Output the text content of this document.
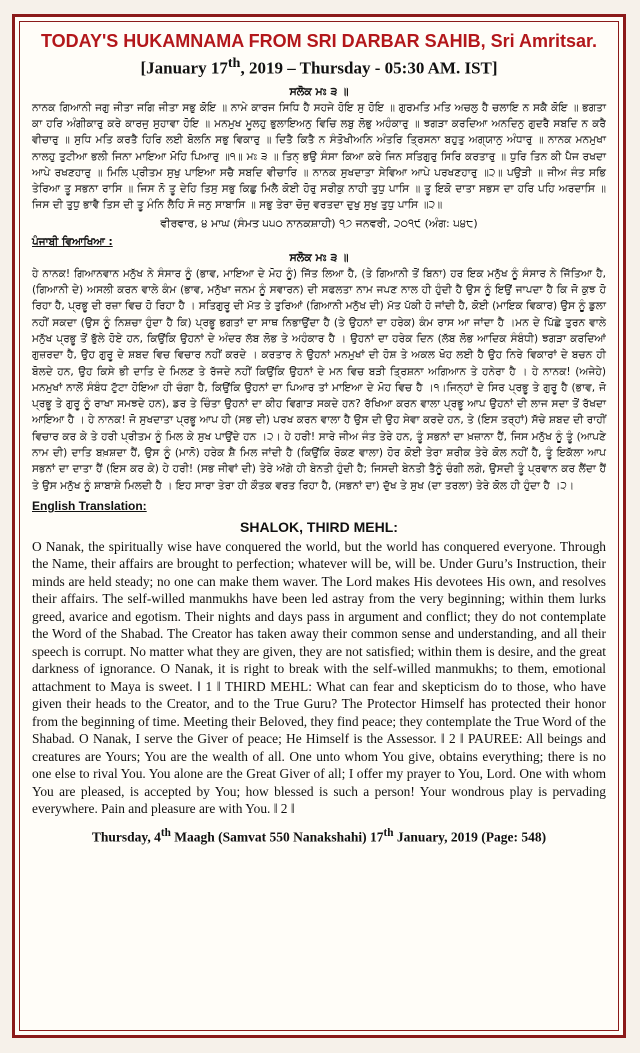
TODAY'S HUKAMNAMA FROM SRI DARBAR SAHIB, Sri Amritsar.

[January 17th, 2019 – Thursday - 05:30 AM. IST]

ਸਲੋਕ ਮਃ ੩ ॥

ਨਾਨਕ ਗਿਆਨੀ ਜਗੁ ਜੀਤਾ ਜਗਿ ਜੀਤਾ ਸਭੁ ਕੋਇ ॥ ਨਾਮੇ ਕਾਰਜ ਸਿਧਿ ਹੈ ਸਹਜੇ ਹੋਇ ਸੁ ਹੋਇ ॥ ਗੁਰਮਤਿ ਮਤਿ ਅਚਲੁ ਹੈ ਚਲਾਇ ਨ ਸਕੈ ਕੋਇ ॥ ਭਗਤਾ ਕਾ ਹਰਿ ਅੰਗੀਕਾਰੁ ਕਰੇ ਕਾਰਜੁ ਸੁਹਾਵਾ ਹੋਇ ॥ ਮਨਮੁਖ ਮੂਲਹੁ ਭੁਲਾਇਅਨੁ ਵਿਚਿ ਲਬੁ ਲੋਭੁ ਅਹੰਕਾਰੁ ॥ ਝਗੜਾ ਕਰਦਿਆ ਅਨਦਿਨੁ ਗੁਦਰੈ ਸਬਦਿ ਨ ਕਰੈ ਵੀਚਾਰੁ ॥ ਸੁਧਿ ਮਤਿ ਕਰਤੈ ਹਿਰਿ ਲਈ ਬੋਲਨਿ ਸਭੁ ਵਿਕਾਰੁ ॥ ਦਿਤੈ ਕਿਤੈ ਨ ਸੰਤੋਖੀਅਨਿ ਅੰਤਰਿ ਤ੍ਰਿਸਨਾ ਬਹੁਤੁ ਅਗ੍ਯਾਨੁ ਅੰਧਾਰੁ ॥ ਨਾਨਕ ਮਨਮੁਖਾ ਨਾਲਹੁ ਤੁਟੀਆ ਭਲੀ ਜਿਨਾ ਮਾਇਆ ਮੋਹਿ ਪਿਆਰੁ ॥੧॥ ਮਃ ੩ ॥ ਤਿਨੑ ਭਉ ਸੰਸਾ ਕਿਆ ਕਰੇ ਜਿਨ ਸਤਿਗੁਰੁ ਸਿਰਿ ਕਰਤਾਰੁ ॥ ਧੁਰਿ ਤਿਨ ਕੀ ਪੈਜ ਰਖਦਾ ਆਪੇ ਰਖਣਹਾਰੁ ॥ ਮਿਲਿ ਪ੍ਰੀਤਮ ਸੁਖੁ ਪਾਇਆ ਸਚੈ ਸਬਦਿ ਵੀਚਾਰਿ ॥ ਨਾਨਕ ਸੁਖਦਾਤਾ ਸੇਵਿਆ ਆਪੇ ਪਰਖਣਹਾਰੁ ॥੨॥ ਪਉੜੀ ॥ ਜੀਅ ਜੰਤ ਸਭਿ ਤੇਰਿਆ ਤੂ ਸਭਨਾ ਰਾਸਿ ॥ ਜਿਸ ਨੋ ਤੂ ਦੇਹਿ ਤਿਸੁ ਸਭੁ ਕਿਛੁ ਮਿਲੈ ਕੋਈ ਹੋਰੁ ਸਰੀਕੁ ਨਾਹੀ ਤੁਧੁ ਪਾਸਿ ॥ ਤੂ ਇਕੋ ਦਾਤਾ ਸਭਸ ਦਾ ਹਰਿ ਪਹਿ ਅਰਦਾਸਿ ॥ ਜਿਸ ਦੀ ਤੁਧੁ ਭਾਵੈ ਤਿਸ ਦੀ ਤੂ ਮੰਨਿ ਲੈਹਿ ਸੋ ਜਨੁ ਸਾਬਾਸਿ ॥ ਸਭੁ ਤੇਰਾ ਚੋਜੁ ਵਰਤਦਾ ਦੁਖੁ ਸੁਖੁ ਤੁਧੁ ਪਾਸਿ ॥੨॥

ਵੀਰਵਾਰ, ੪ ਮਾਘ (ਸੰਮਤ ੫੫੦ ਨਾਨਕਸ਼ਾਹੀ) ੧੭ ਜਨਵਰੀ, ੨੦੧੯ (ਅੰਗ: ੫੪੮)

ਪੰਜਾਬੀ ਵਿਆਖਿਆ :

ਸਲੋਕ ਮਃ ੩ ॥

ਹੇ ਨਾਨਕ! ਗਿਆਨਵਾਨ ਮਨੁੱਖ ਨੇ ਸੰਸਾਰ ਨੂੰ (ਭਾਵ, ਮਾਇਆ ਦੇ ਮੋਹ ਨੂੰ) ਜਿੱਤ ਲਿਆ ਹੈ, (ਤੇ ਗਿਆਨੀ ਤੋਂ ਬਿਨਾ) ਹਰ ਇਕ ਮਨੁੱਖ ਨੂੰ ਸੰਸਾਰ ਨੇ ਜਿੱਤਿਆ ਹੈ, (ਗਿਆਨੀ ਦੇ) ਅਸਲੀ ਕਰਨ ਵਾਲੇ ਕੰਮ (ਭਾਵ, ਮਨੁੱਖਾ ਜਨਮ ਨੂੰ ਸਵਾਰਨ) ਦੀ ਸਫਲਤਾ ਨਾਮ ਜਪਣ ਨਾਲ ਹੀ ਹੁੰਦੀ ਹੈ ਉਸ ਨੂੰ ਇਉਂ ਜਾਪਦਾ ਹੈ ਕਿ ਜੋ ਕੁਝ ਹੋ ਰਿਹਾ ਹੈ, ਪ੍ਰਭੂ ਦੀ ਰਜ਼ਾ ਵਿਚ ਹੋ ਰਿਹਾ ਹੈ । ਸਤਿਗੁਰੂ ਦੀ ਮੱਤ ਤੇ ਤੁਰਿਆਂ (ਗਿਆਨੀ ਮਨੁੱਖ ਦੀ) ਮੱਤ ਪੱਕੀ ਹੋ ਜਾਂਦੀ ਹੈ, ਕੋਈ (ਮਾਇਕ ਵਿਕਾਰ) ਉਸ ਨੂੰ ਡੁਲਾ ਨਹੀਂ ਸਕਦਾ (ਉਸ ਨੂੰ ਨਿਸ਼ਚਾ ਹੁੰਦਾ ਹੈ ਕਿ) ਪ੍ਰਭੂ ਭਗਤਾਂ ਦਾ ਸਾਥ ਨਿਭਾਉਂਦਾ ਹੈ (ਤੇ ਉਹਨਾਂ ਦਾ ਹਰੇਕ) ਕੰਮ ਰਾਸ ਆ ਜਾਂਦਾ ਹੈ ।ਮਨ ਦੇ ਪਿੱਛੇ ਤੁਰਨ ਵਾਲੇ ਮਨੁੱਖ ਪ੍ਰਭੂ ਤੋਂ ਭੁੱਲੇ ਹੋਏ ਹਨ, ਕਿਉਂਕਿ ਉਹਨਾਂ ਦੇ ਅੰਦਰ ਲੱਬ ਲੋਭ ਤੇ ਅਹੰਕਾਰ ਹੈ । ਉਹਨਾਂ ਦਾ ਹਰੇਕ ਦਿਨ (ਲੱਬ ਲੋਭ ਆਦਿਕ ਸੰਬੰਧੀ) ਝਗੜਾ ਕਰਦਿਆਂ ਗੁਜ਼ਰਦਾ ਹੈ, ਉਹ ਗੁਰੂ ਦੇ ਸ਼ਬਦ ਵਿਚ ਵਿਚਾਰ ਨਹੀਂ ਕਰਦੇ । ਕਰਤਾਰ ਨੇ ਉਹਨਾਂ ਮਨਮੁਖਾਂ ਦੀ ਹੋਸ਼ ਤੇ ਅਕਲ ਖੋਹ ਲਈ ਹੈ ਉਹ ਨਿਰੇ ਵਿਕਾਰਾਂ ਦੇ ਬਚਨ ਹੀ ਬੋਲਦੇ ਹਨ, ਉਹ ਕਿਸੇ ਭੀ ਦਾਤਿ ਦੇ ਮਿਲਣ ਤੇ ਰੱਜਦੇ ਨਹੀਂ ਕਿਉਂਕਿ ਉਹਨਾਂ ਦੇ ਮਨ ਵਿਚ ਬੜੀ ਤ੍ਰਿਸ਼ਨਾ ਅਗਿਆਨ ਤੇ ਹਨੇਰਾ ਹੈ । ਹੇ ਨਾਨਕ! (ਅਜੇਹੇ) ਮਨਮੁਖਾਂ ਨਾਲੋਂ ਸੰਬੰਧ ਟੁੱਟਾ ਹੋਇਆ ਹੀ ਚੰਗਾ ਹੈ, ਕਿਉਂਕਿ ਉਹਨਾਂ ਦਾ ਪਿਆਰ ਤਾਂ ਮਾਇਆ ਦੇ ਮੋਹ ਵਿਚ ਹੈ ।੧।ਜਿਨ੍ਹਾਂ ਦੇ ਸਿਰ ਪ੍ਰਭੂ ਤੇ ਗੁਰੂ ਹੈ (ਭਾਵ, ਜੋ ਪ੍ਰਭੂ ਤੇ ਗੁਰੂ ਨੂੰ ਰਾਖਾ ਸਮਝਦੇ ਹਨ), ਡਰ ਤੇ ਚਿੰਤਾ ਉਹਨਾਂ ਦਾ ਕੀਹ ਵਿਗਾੜ ਸਕਦੇ ਹਨ? ਰੱਖਿਆ ਕਰਨ ਵਾਲਾ ਪ੍ਰਭੂ ਆਪ ਉਹਨਾਂ ਦੀ ਲਾਜ ਸਦਾ ਤੋਂ ਰੱਖਦਾ ਆਇਆ ਹੈ । ਹੇ ਨਾਨਕ! ਜੋ ਸੁਖਦਾਤਾ ਪ੍ਰਭੂ ਆਪ ਹੀ (ਸਭ ਦੀ) ਪਰਖ ਕਰਨ ਵਾਲਾ ਹੈ ਉਸ ਦੀ ਉਹ ਸੇਵਾ ਕਰਦੇ ਹਨ, ਤੇ (ਇਸ ਤਰ੍ਹਾਂ) ਸੱਚੇ ਸ਼ਬਦ ਦੀ ਰਾਹੀਂ ਵਿਚਾਰ ਕਰ ਕੇ ਤੇ ਹਰੀ ਪ੍ਰੀਤਮ ਨੂੰ ਮਿਲ ਕੇ ਸੁਖ ਪਾਉਂਦੇ ਹਨ ।੨। ਹੇ ਹਰੀ! ਸਾਰੇ ਜੀਅ ਜੰਤ ਤੇਰੇ ਹਨ, ਤੂੰ ਸਭਨਾਂ ਦਾ ਖ਼ਜ਼ਾਨਾ ਹੈਂ, ਜਿਸ ਮਨੁੱਖ ਨੂੰ ਤੂੰ (ਆਪਣੇ ਨਾਮ ਦੀ) ਦਾਤਿ ਬਖ਼ਸ਼ਦਾ ਹੈਂ, ਉਸ ਨੂੰ (ਮਾਨੋ) ਹਰੇਕ ਸ਼ੈ ਮਿਲ ਜਾਂਦੀ ਹੈ (ਕਿਉਂਕਿ ਰੋਕਣ ਵਾਲਾ) ਹੋਰ ਕੋਈ ਤੇਰਾ ਸ਼ਰੀਕ ਤੇਰੇ ਕੋਲ ਨਹੀਂ ਹੈ, ਤੂੰ ਇਕੱਲਾ ਆਪ ਸਭਨਾਂ ਦਾ ਦਾਤਾ ਹੈਂ (ਇਸ ਕਰ ਕੇ) ਹੇ ਹਰੀ! (ਸਭ ਜੀਵਾਂ ਦੀ) ਤੇਰੇ ਅੱਗੇ ਹੀ ਬੇਨਤੀ ਹੁੰਦੀ ਹੈ; ਜਿਸਦੀ ਬੇਨਤੀ ਤੈਨੂੰ ਚੰਗੀ ਲਗੇ, ਉਸਦੀ ਤੂੰ ਪ੍ਰਵਾਨ ਕਰ ਲੈਂਦਾ ਹੈਂ ਤੇ ਉਸ ਮਨੁੱਖ ਨੂੰ ਸ਼ਾਬਾਸ਼ੇ ਮਿਲਦੀ ਹੈ । ਇਹ ਸਾਰਾ ਤੇਰਾ ਹੀ ਕੌਤਕ ਵਰਤ ਰਿਹਾ ਹੈ, (ਸਭਨਾਂ ਦਾ) ਦੁੱਖ ਤੇ ਸੁਖ (ਦਾ ਤਰਲਾ) ਤੇਰੇ ਕੋਲ ਹੀ ਹੁੰਦਾ ਹੈ ।੨।

English Translation:

SHALOK, THIRD MEHL:

O Nanak, the spiritually wise have conquered the world, but the world has conquered everyone. Through the Name, their affairs are brought to perfection; whatever will be, will be. Under Guru’s Instruction, their minds are held steady; no one can make them waver. The Lord makes His devotees His own, and resolves their affairs. The self-willed manmukhs have been led astray from the very beginning; within them lurks greed, avarice and egotism. Their nights and days pass in argument and conflict; they do not contemplate the Word of the Shabad. The Creator has taken away their common sense and understanding, and all their speech is corrupt. No matter what they are given, they are not satisfied; within them is desire, and the great darkness of ignorance. O Nanak, it is right to break with the self-willed manmukhs; to them, emotional attachment to Maya is sweet. ‖ 1 ‖ THIRD MEHL: What can fear and skepticism do to those, who have given their heads to the Creator, and to the True Guru? The Protector Himself has protected their honor from the beginning of time. Meeting their Beloved, they find peace; they contemplate the True Word of the Shabad. O Nanak, I serve the Giver of peace; He Himself is the Assessor. ‖ 2 ‖ PAUREE: All beings and creatures are Yours; You are the wealth of all. One unto whom You give, obtains everything; there is no one else to rival You. You alone are the Great Giver of all; I offer my prayer to You, Lord. One with whom You are pleased, is accepted by You; how blessed is such a person! Your wondrous play is pervading everywhere. Pain and pleasure are with You. ‖ 2 ‖

Thursday, 4th Maagh (Samvat 550 Nanakshahi) 17th January, 2019 (Page: 548)
